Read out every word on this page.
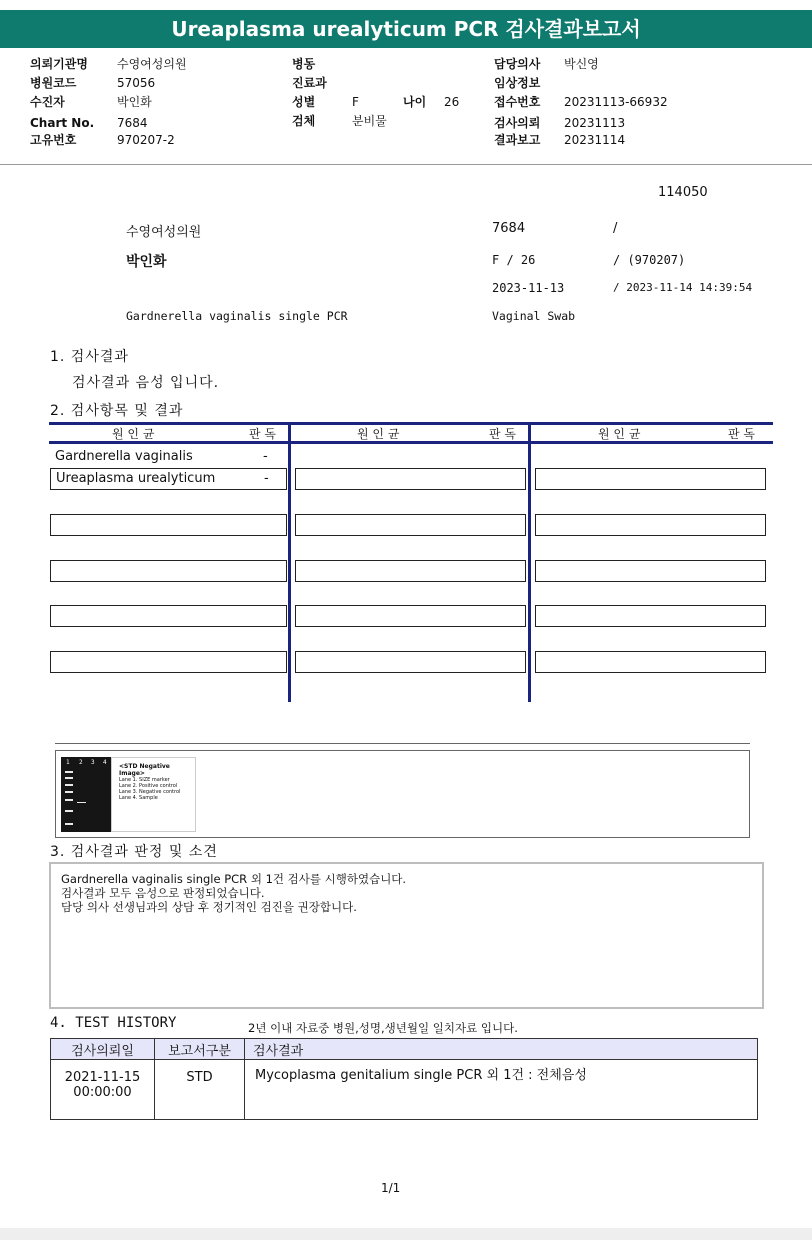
Ureaplasma urealyticum PCR 검사결과보고서
의뢰기관명 수영여성의원
병원코드	57056
수진자	박인화
Chart No. 7684
고유번호	970207-2
병동
진료과
성별	F	나이 26
검체	분비물
담당의사 박신영
임상정보
접수번호 20231113-66932
검사의뢰 20231113
결과보고 20231114
114050
수영여성의원	7684	/
박인화	F / 26	/ (970207)
2023-11-13	/ 2023-11-14 14:39:54
Gardnerella vaginalis single PCR	Vaginal Swab
1. 검사결과
검사결과 음성 입니다.
2. 검사항목 및 결과
원 인 균	판 독	원 인 균	판 독	원 인 균	판 독
Gardnerella vaginalis	-
Ureaplasma urealyticum	-
1 2 3 4
<STD Negative Image>
Lane 1. SIZE marker
Lane 2. Positive control
Lane 3. Negative control
Lane 4. Sample
3. 검사결과 판정 및 소견
Gardnerella vaginalis single PCR 외 1건 검사를 시행하였습니다.
검사결과 모두 음성으로 판정되었습니다.
담당 의사 선생님과의 상담 후 정기적인 검진을 권장합니다.
4. TEST HISTORY	2년 이내 자료중 병원,성명,생년월일 일치자료 입니다.
검사의뢰일	보고서구분	검사결과

2021-11-15
00:00:00	STD	Mycoplasma genitalium single PCR 외 1건 : 전체음성
1/1
